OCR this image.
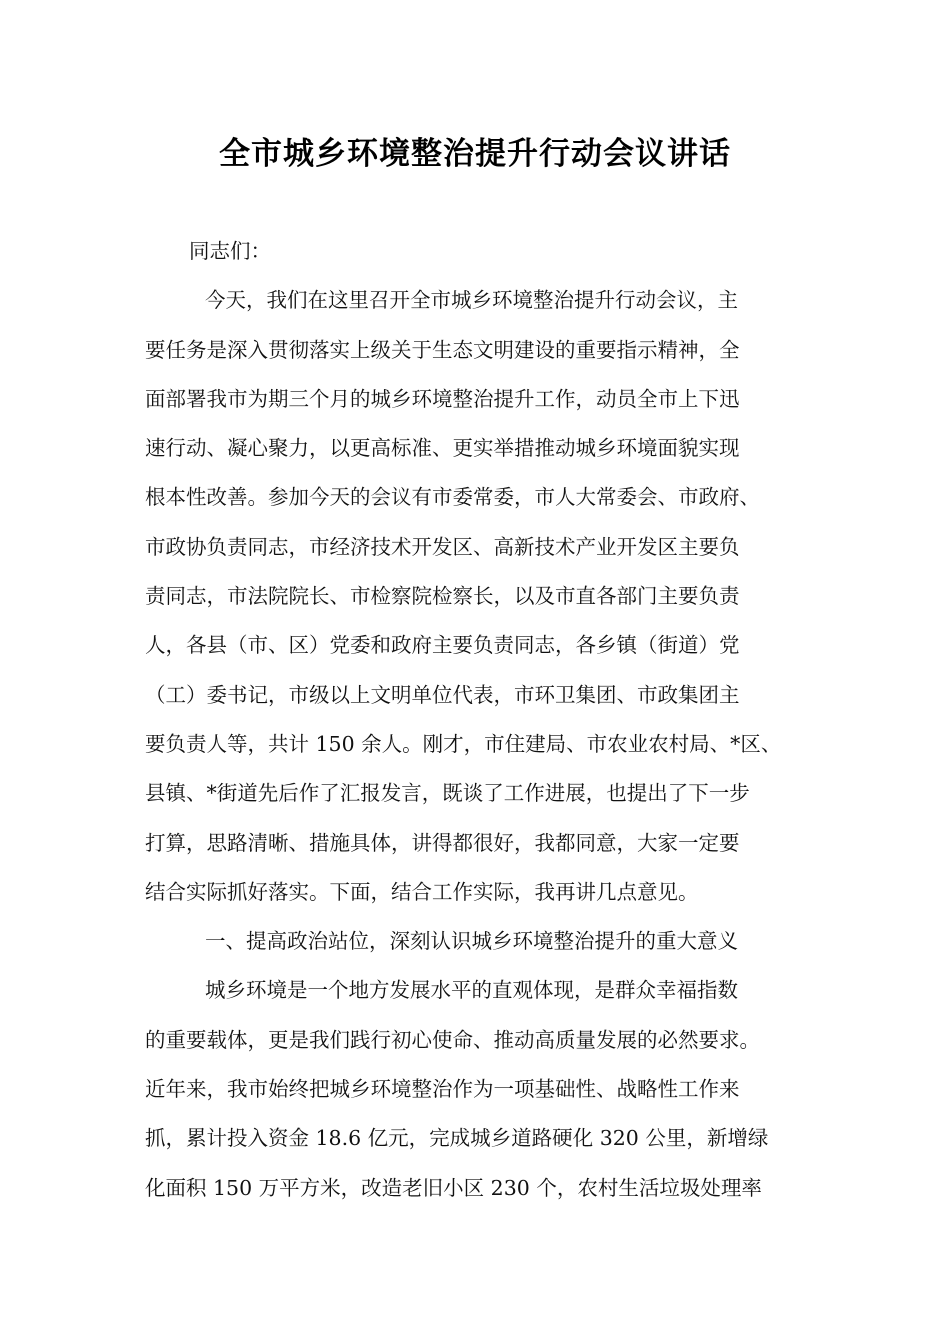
全市城乡环境整治提升行动会议讲话
同志们：
今天，我们在这里召开全市城乡环境整治提升行动会议，主
要任务是深入贯彻落实上级关于生态文明建设的重要指示精神，全
面部署我市为期三个月的城乡环境整治提升工作，动员全市上下迅
速行动、凝心聚力，以更高标准、更实举措推动城乡环境面貌实现
根本性改善。参加今天的会议有市委常委，市人大常委会、市政府、
市政协负责同志，市经济技术开发区、高新技术产业开发区主要负
责同志，市法院院长、市检察院检察长，以及市直各部门主要负责
人，各县（市、区）党委和政府主要负责同志，各乡镇（街道）党
（工）委书记，市级以上文明单位代表，市环卫集团、市政集团主
要负责人等，共计 150 余人。刚才，市住建局、市农业农村局、*区、
县镇、*街道先后作了汇报发言，既谈了工作进展，也提出了下一步
打算，思路清晰、措施具体，讲得都很好，我都同意，大家一定要
结合实际抓好落实。下面，结合工作实际，我再讲几点意见。
一、提高政治站位，深刻认识城乡环境整治提升的重大意义
城乡环境是一个地方发展水平的直观体现，是群众幸福指数
的重要载体，更是我们践行初心使命、推动高质量发展的必然要求。
近年来，我市始终把城乡环境整治作为一项基础性、战略性工作来
抓，累计投入资金 18.6 亿元，完成城乡道路硬化 320 公里，新增绿
化面积 150 万平方米，改造老旧小区 230 个，农村生活垃圾处理率
